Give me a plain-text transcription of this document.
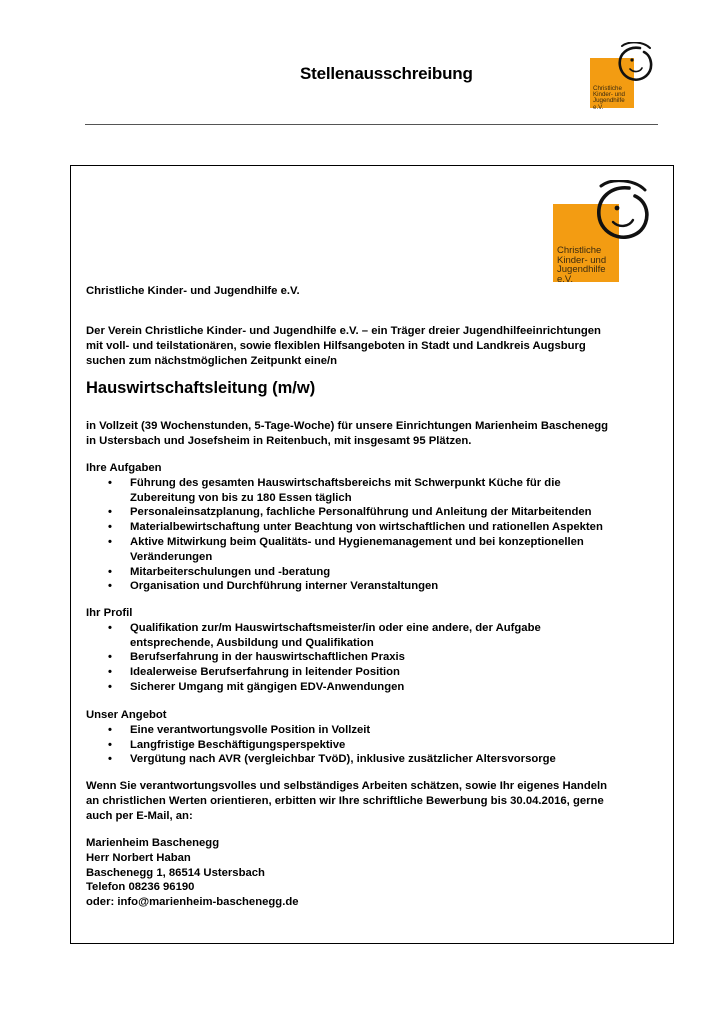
Stellenausschreibung
Christliche
Kinder- und
Jugendhilfe e.V.
Christliche
Kinder- und
Jugendhilfe e.V.

Christliche Kinder- und Jugendhilfe e.V.

Der Verein Christliche Kinder- und Jugendhilfe e.V. – ein Träger dreier Jugendhilfeeinrichtungen
mit voll- und teilstationären, sowie flexiblen Hilfsangeboten in Stadt und Landkreis Augsburg
suchen zum nächstmöglichen Zeitpunkt eine/n
Hauswirtschaftsleitung (m/w)
in Vollzeit (39 Wochenstunden, 5-Tage-Woche) für unsere Einrichtungen Marienheim Baschenegg
in Ustersbach und Josefsheim in Reitenbuch, mit insgesamt 95 Plätzen.

Ihre Aufgaben

• Führung des gesamten Hauswirtschaftsbereichs mit Schwerpunkt Küche für die
Zubereitung von bis zu 180 Essen täglich
• Personaleinsatzplanung, fachliche Personalführung und Anleitung der Mitarbeitenden
• Materialbewirtschaftung unter Beachtung von wirtschaftlichen und rationellen Aspekten
• Aktive Mitwirkung beim Qualitäts- und Hygienemanagement und bei konzeptionellen
Veränderungen
• Mitarbeiterschulungen und -beratung
• Organisation und Durchführung interner Veranstaltungen

Ihr Profil

• Qualifikation zur/m Hauswirtschaftsmeister/in oder eine andere, der Aufgabe
entsprechende, Ausbildung und Qualifikation
• Berufserfahrung in der hauswirtschaftlichen Praxis
• Idealerweise Berufserfahrung in leitender Position
• Sicherer Umgang mit gängigen EDV-Anwendungen

Unser Angebot

• Eine verantwortungsvolle Position in Vollzeit
• Langfristige Beschäftigungsperspektive
• Vergütung nach AVR (vergleichbar TvöD), inklusive zusätzlicher Altersvorsorge
Wenn Sie verantwortungsvolles und selbständiges Arbeiten schätzen, sowie Ihr eigenes Handeln
an christlichen Werten orientieren, erbitten wir Ihre schriftliche Bewerbung bis 30.04.2016, gerne
auch per E-Mail, an:
Marienheim Baschenegg
Herr Norbert Haban
Baschenegg 1, 86514 Ustersbach
Telefon 08236 96190
oder: info@marienheim-baschenegg.de
